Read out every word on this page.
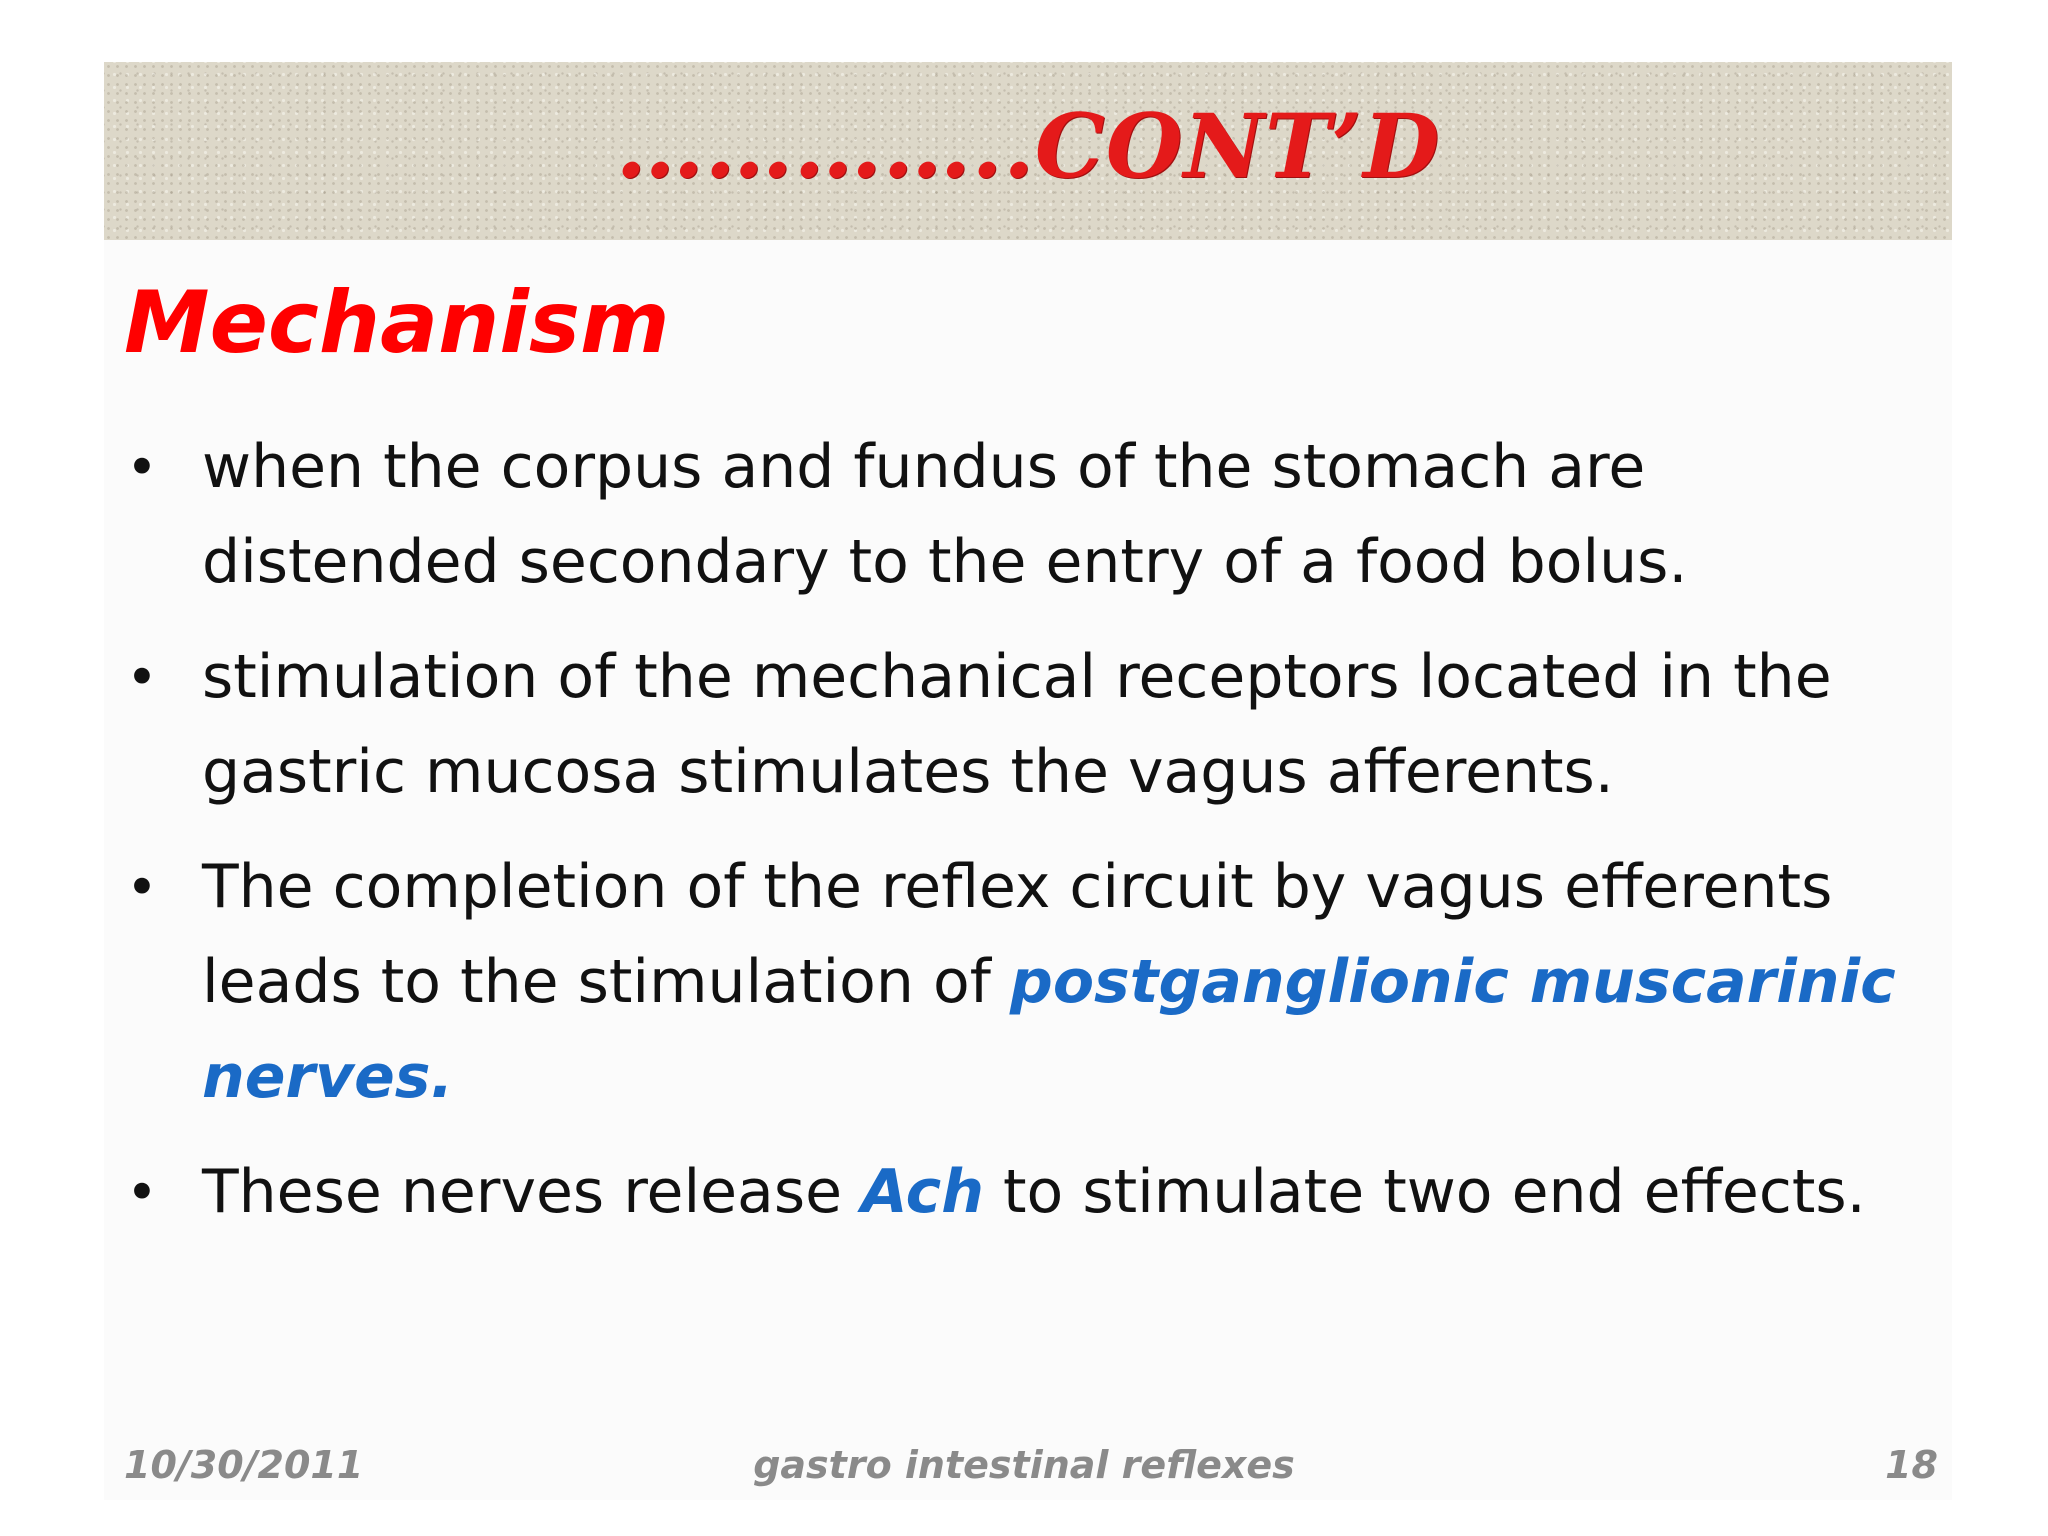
…………..CONT’D
Mechanism
• when the corpus and fundus of the stomach are distended secondary to the entry of a food bolus.
• stimulation of the mechanical receptors located in the gastric mucosa stimulates the vagus afferents.
• The completion of the reflex circuit by vagus efferents leads to the stimulation of postganglionic muscarinic nerves.
• These nerves release Ach to stimulate two end effects.
10/30/2011	gastro intestinal reflexes	18
